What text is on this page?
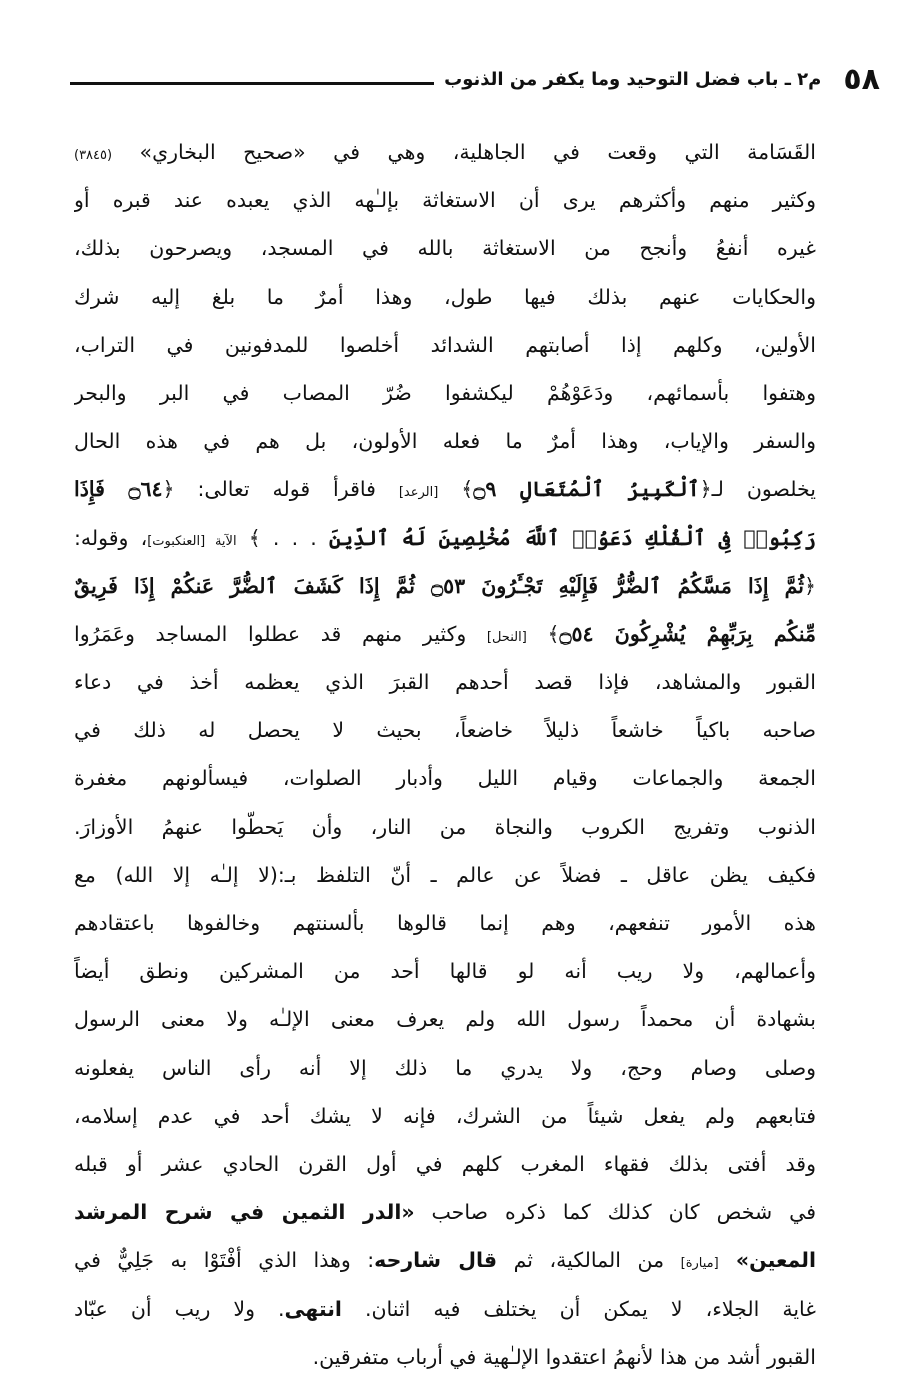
٥٨
م٢ ـ باب فضل التوحيد وما يكفر من الذنوب
القَسَامة التي وقعت في الجاهلية، وهي في «صحيح البخاري» (٣٨٤٥)
وكثير منهم وأكثرهم يرى أن الاستغاثة بإلـٰهه الذي يعبده عند قبره أو
غيره أنفعُ وأنجح من الاستغاثة بالله في المسجد، ويصرحون بذلك،
والحكايات عنهم بذلك فيها طول، وهذا أمرٌ ما بلغ إليه شرك
الأولين، وكلهم إذا أصابتهم الشدائد أخلصوا للمدفونين في التراب،
وهتفوا بأسمائهم، ودَعَوْهُمْ ليكشفوا ضُرّ المصاب في البر والبحر
والسفر والإياب، وهذا أمرٌ ما فعله الأولون، بل هم في هذه الحال
يخلصون لـ﴿ٱلْكَبِيرُ ٱلْمُتَعَالِ ۝٩﴾ [الرعد] فاقرأ قوله تعالى: ﴿۝٦٤ فَإِذَا
رَكِبُوا۟ فِى ٱلْفُلْكِ دَعَوُا۟ ٱللَّهَ مُخْلِصِينَ لَهُ ٱلدِّينَ . . . ﴾ الآية [العنكبوت]، وقوله:
﴿ثُمَّ إِذَا مَسَّكُمُ ٱلضُّرُّ فَإِلَيْهِ تَجْـَٔرُونَ ۝٥٣ ثُمَّ إِذَا كَشَفَ ٱلضُّرَّ عَنكُمْ إِذَا فَرِيقٌ
مِّنكُم بِرَبِّهِمْ يُشْرِكُونَ ۝٥٤﴾ [النحل] وكثير منهم قد عطلوا المساجد وعَمَرُوا
القبور والمشاهد، فإذا قصد أحدهم القبرَ الذي يعظمه أخذ في دعاء
صاحبه باكياً خاشعاً ذليلاً خاضعاً، بحيث لا يحصل له ذلك في
الجمعة والجماعات وقيام الليل وأدبار الصلوات، فيسألونهم مغفرة
الذنوب وتفريج الكروب والنجاة من النار، وأن يَحطّوا عنهمُ الأوزارَ.
فكيف يظن عاقل ـ فضلاً عن عالم ـ أنّ التلفظ بـ:(لا إلـٰه إلا الله) مع
هذه الأمور تنفعهم، وهم إنما قالوها بألسنتهم وخالفوها باعتقادهم
وأعمالهم، ولا ريب أنه لو قالها أحد من المشركين ونطق أيضاً
بشهادة أن محمداً رسول الله ولم يعرف معنى الإلـٰه ولا معنى الرسول
وصلى وصام وحج، ولا يدري ما ذلك إلا أنه رأى الناس يفعلونه
فتابعهم ولم يفعل شيئاً من الشرك، فإنه لا يشك أحد في عدم إسلامه،
وقد أفتى بذلك فقهاء المغرب كلهم في أول القرن الحادي عشر أو قبله
في شخص كان كذلك كما ذكره صاحب «الدر الثمين في شرح المرشد
المعين» [ميارة] من المالكية، ثم قال شارحه: وهذا الذي أفْتَوْا به جَلِيٌّ في
غاية الجلاء، لا يمكن أن يختلف فيه اثنان. انتهى. ولا ريب أن عبّاد
القبور أشد من هذا لأنهمُ اعتقدوا الإلـٰهية في أرباب متفرقين.
